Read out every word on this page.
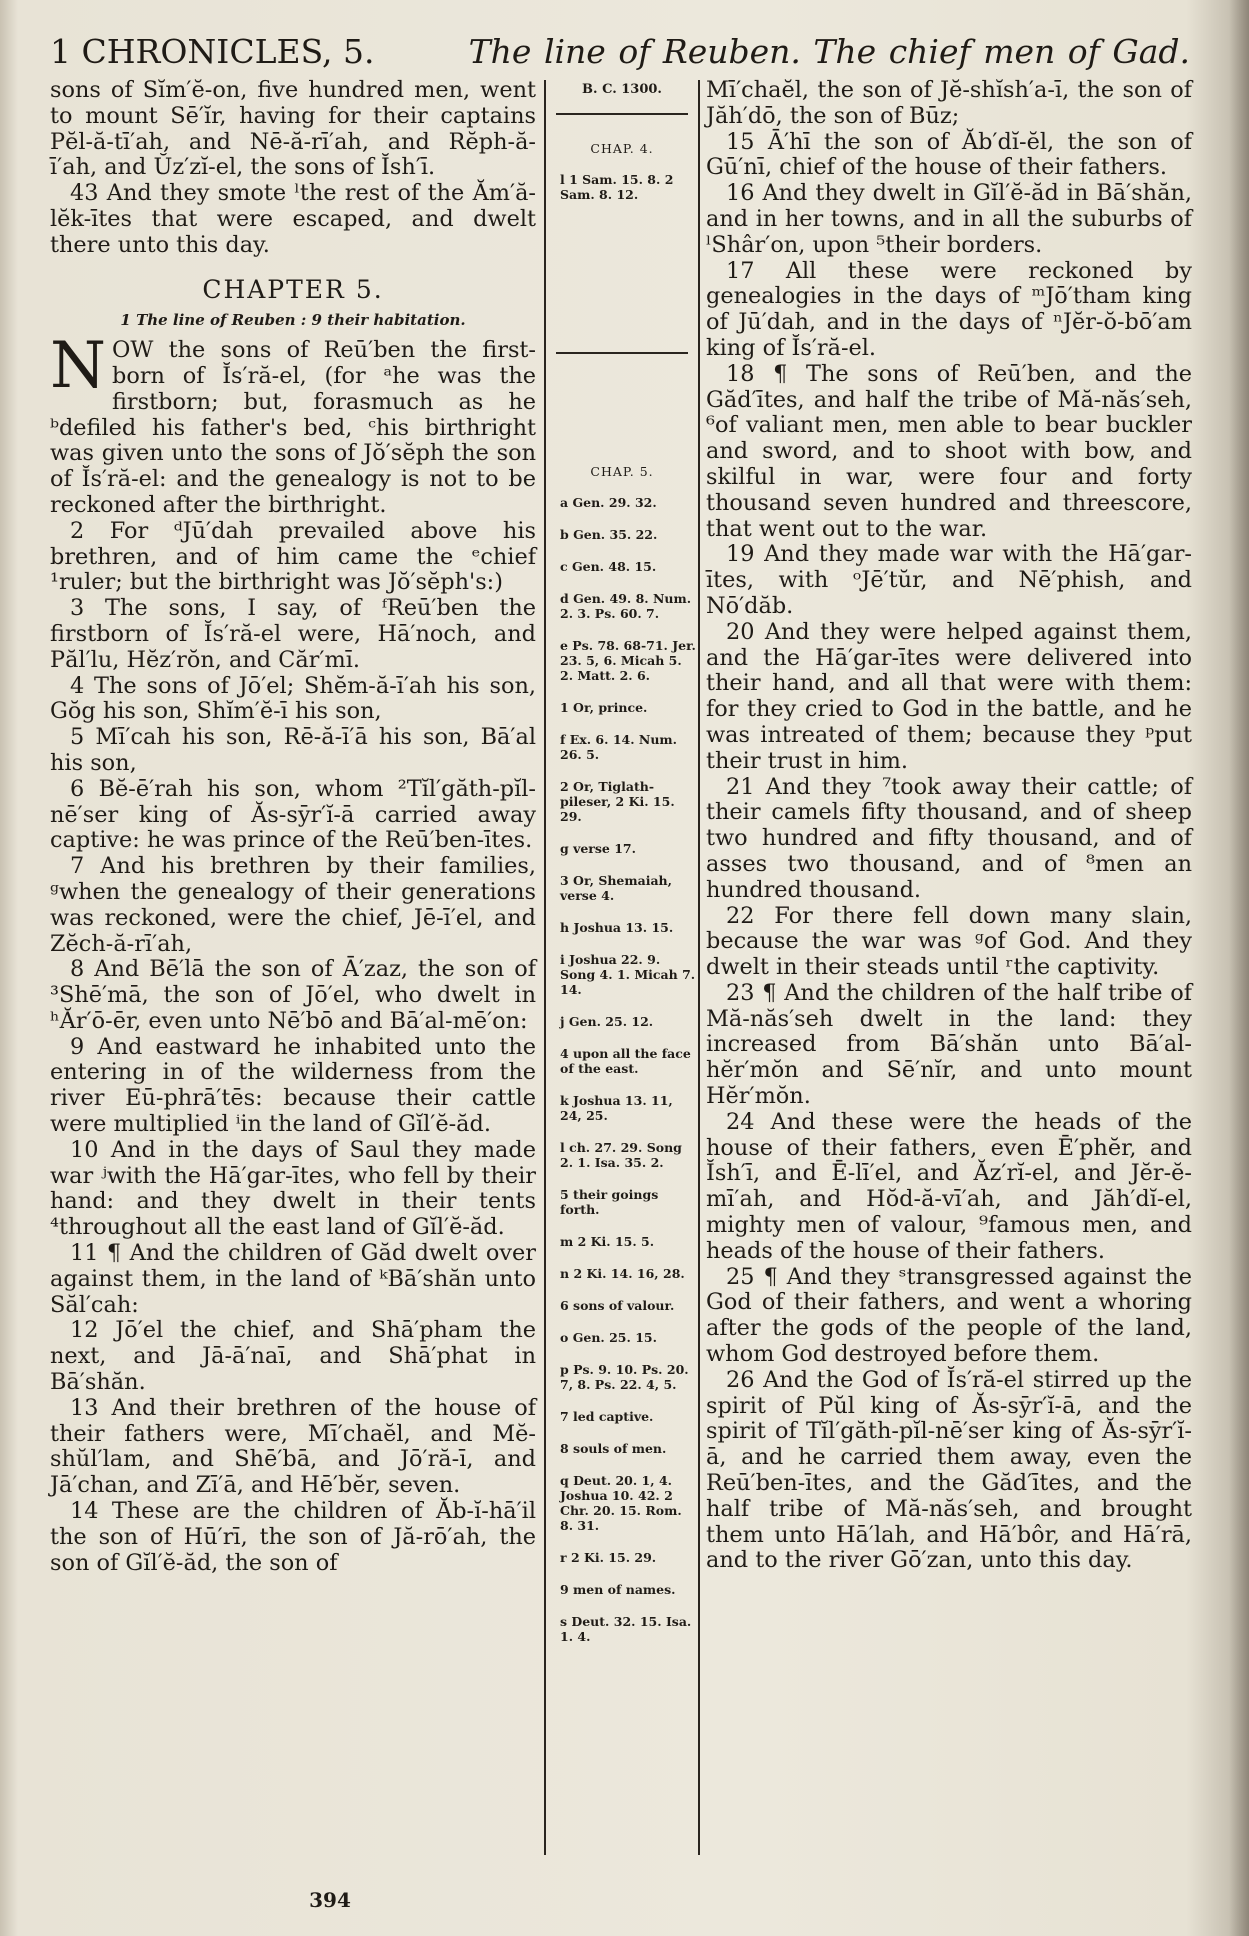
1 CHRONICLES, 5.	The line of Reuben. The chief men of Gad.

sons of Sĭm′ĕ-on, five hundred men, went to mount Sē′ĭr, having for their captains Pĕl-ă-tī′ah, and Nē-ă-rī′ah, and Rĕph-ă-ī′ah, and Ŭz′zĭ-el, the sons of Ĭsh′ī.

43 And they smote ˡthe rest of the Ăm′ă-lĕk-ītes that were escaped, and dwelt there unto this day.

CHAPTER 5.
1 The line of Reuben : 9 their habitation.

NOW the sons of Reū′ben the first-born of Ĭs′ră-el, (for ᵃhe was the firstborn; but, forasmuch as he ᵇdefiled his father's bed, ᶜhis birthright was given unto the sons of Jŏ′sĕph the son of Ĭs′ră-el: and the genealogy is not to be reckoned after the birthright.

2 For ᵈJū′dah prevailed above his brethren, and of him came the ᵉchief ¹ruler; but the birthright was Jŏ′sĕph's:)

3 The sons, I say, of ᶠReū′ben the firstborn of Ĭs′ră-el were, Hā′noch, and Păl′lu, Hĕz′rŏn, and Căr′mī.

4 The sons of Jō′el; Shĕm-ă-ī′ah his son, Gŏg his son, Shĭm′ĕ-ī his son,

5 Mī′cah his son, Rē-ă-ī′ā his son, Bā′al his son,

6 Bĕ-ē′rah his son, whom ²Tĭl′găth-pĭl-nē′ser king of Ăs-sȳr′ĭ-ā carried away captive: he was prince of the Reū′ben-ītes.

7 And his brethren by their families, ᵍwhen the genealogy of their generations was reckoned, were the chief, Jē-ī′el, and Zĕch-ă-rī′ah,

8 And Bē′lā the son of Ā′zaz, the son of ³Shē′mā, the son of Jō′el, who dwelt in ʰĂr′ō-ēr, even unto Nē′bō and Bā′al-mē′on:

9 And eastward he inhabited unto the entering in of the wilderness from the river Eū-phrā′tēs: because their cattle were multiplied ⁱin the land of Gĭl′ĕ-ăd.

10 And in the days of Saul they made war ʲwith the Hā′gar-ītes, who fell by their hand: and they dwelt in their tents ⁴throughout all the east land of Gĭl′ĕ-ăd.

11 ¶ And the children of Găd dwelt over against them, in the land of ᵏBā′shăn unto Săl′cah:

12 Jō′el the chief, and Shā′pham the next, and Jā-ā′naī, and Shā′phat in Bā′shăn.

13 And their brethren of the house of their fathers were, Mī′chaĕl, and Mĕ-shŭl′lam, and Shē′bā, and Jō′ră-ī, and Jā′chan, and Zī′ā, and Hē′bĕr, seven.

14 These are the children of Ăb-ĭ-hā′il the son of Hū′rī, the son of Jă-rō′ah, the son of Gĭl′ĕ-ăd, the son of

B. C. 1300.
CHAP. 4.
l 1 Sam. 15. 8. 2 Sam. 8. 12.
CHAP. 5.
a Gen. 29. 32.
b Gen. 35. 22.
c Gen. 48. 15.
d Gen. 49. 8. Num. 2. 3. Ps. 60. 7.
e Ps. 78. 68-71. Jer. 23. 5, 6. Micah 5. 2. Matt. 2. 6.
1 Or, prince.
f Ex. 6. 14. Num. 26. 5.
2 Or, Tiglath-pileser, 2 Ki. 15. 29.
g verse 17.
3 Or, Shemaiah, verse 4.
h Joshua 13. 15.
i Joshua 22. 9. Song 4. 1. Micah 7. 14.
j Gen. 25. 12.
4 upon all the face of the east.
k Joshua 13. 11, 24, 25.
l ch. 27. 29. Song 2. 1. Isa. 35. 2.
5 their goings forth.
m 2 Ki. 15. 5.
n 2 Ki. 14. 16, 28.
6 sons of valour.
o Gen. 25. 15.
p Ps. 9. 10. Ps. 20. 7, 8. Ps. 22. 4, 5.
7 led captive.
8 souls of men.
q Deut. 20. 1, 4. Joshua 10. 42. 2 Chr. 20. 15. Rom. 8. 31.
r 2 Ki. 15. 29.
9 men of names.
s Deut. 32. 15. Isa. 1. 4.

Mī′chaĕl, the son of Jĕ-shĭsh′a-ī, the son of Jăh′dō, the son of Būz;

15 Ā′hī the son of Ăb′dĭ-ĕl, the son of Gū′nī, chief of the house of their fathers.

16 And they dwelt in Gĭl′ĕ-ăd in Bā′shăn, and in her towns, and in all the suburbs of ˡShâr′on, upon ⁵their borders.

17 All these were reckoned by genealogies in the days of ᵐJō′tham king of Jū′dah, and in the days of ⁿJĕr-ŏ-bō′am king of Ĭs′ră-el.

18 ¶ The sons of Reū′ben, and the Găd′ītes, and half the tribe of Mă-năs′seh, ⁶of valiant men, men able to bear buckler and sword, and to shoot with bow, and skilful in war, were four and forty thousand seven hundred and threescore, that went out to the war.

19 And they made war with the Hā′gar-ītes, with ᵒJē′tŭr, and Nē′phish, and Nō′dăb.

20 And they were helped against them, and the Hā′gar-ītes were delivered into their hand, and all that were with them: for they cried to God in the battle, and he was intreated of them; because they ᵖput their trust in him.

21 And they ⁷took away their cattle; of their camels fifty thousand, and of sheep two hundred and fifty thousand, and of asses two thousand, and of ⁸men an hundred thousand.

22 For there fell down many slain, because the war was ᵍof God. And they dwelt in their steads until ʳthe captivity.

23 ¶ And the children of the half tribe of Mă-năs′seh dwelt in the land: they increased from Bā′shăn unto Bā′al-hĕr′mŏn and Sē′nĭr, and unto mount Hĕr′mŏn.

24 And these were the heads of the house of their fathers, even Ē′phĕr, and Ĭsh′ī, and Ē-lī′el, and Ăz′rĭ-el, and Jĕr-ĕ-mī′ah, and Hŏd-ă-vī′ah, and Jăh′dĭ-el, mighty men of valour, ⁹famous men, and heads of the house of their fathers.

25 ¶ And they ˢtransgressed against the God of their fathers, and went a whoring after the gods of the people of the land, whom God destroyed before them.

26 And the God of Ĭs′ră-el stirred up the spirit of Pŭl king of Ăs-sȳr′ĭ-ā, and the spirit of Tĭl′găth-pĭl-nē′ser king of Ăs-sȳr′ĭ-ā, and he carried them away, even the Reū′ben-ītes, and the Găd′ītes, and the half tribe of Mă-năs′seh, and brought them unto Hā′lah, and Hā′bôr, and Hā′rā, and to the river Gō′zan, unto this day.

394
